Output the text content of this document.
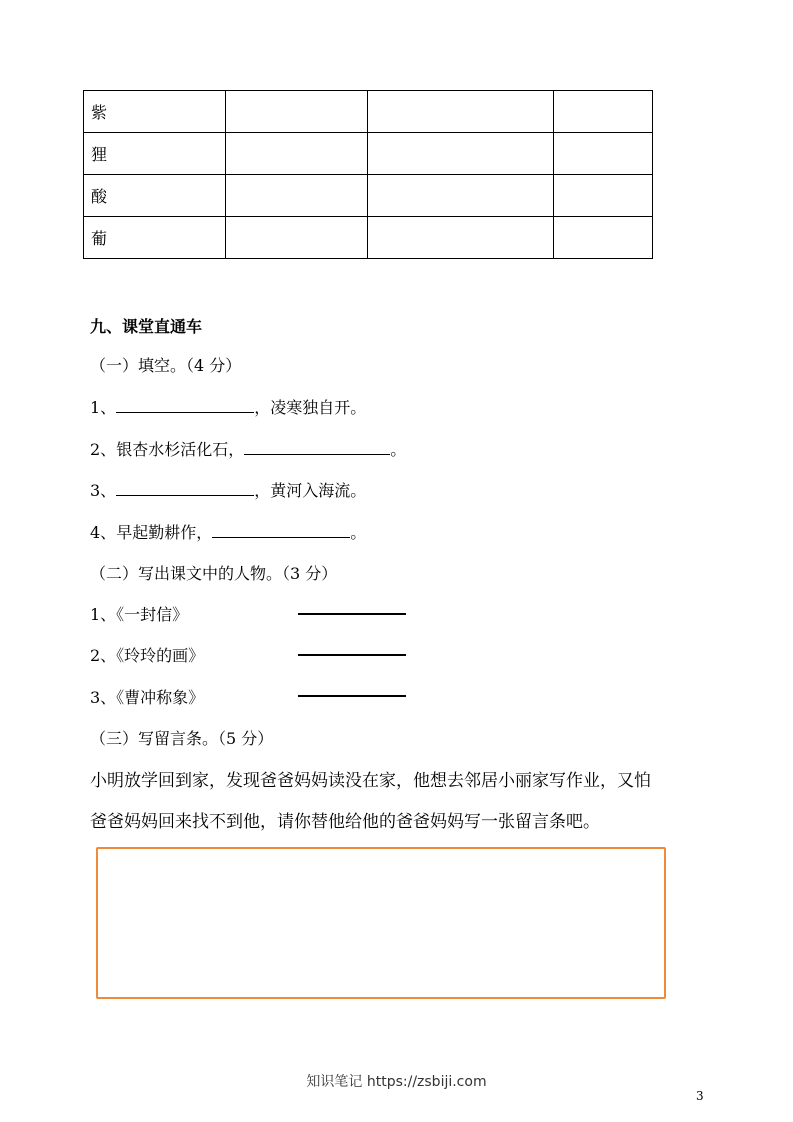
紫			
狸			
酸			
葡			
九、课堂直通车
（一）填空。（4 分）
1、	，凌寒独自开。
2、银杏水杉活化石，	。
3、	，黄河入海流。
4、早起勤耕作，	。
（二）写出课文中的人物。（3 分）
1、《一封信》
2、《玲玲的画》
3、《曹冲称象》
（三）写留言条。（5 分）
小明放学回到家，发现爸爸妈妈读没在家，他想去邻居小丽家写作业，又怕
爸爸妈妈回来找不到他，请你替他给他的爸爸妈妈写一张留言条吧。
知识笔记 https://zsbiji.com
3
